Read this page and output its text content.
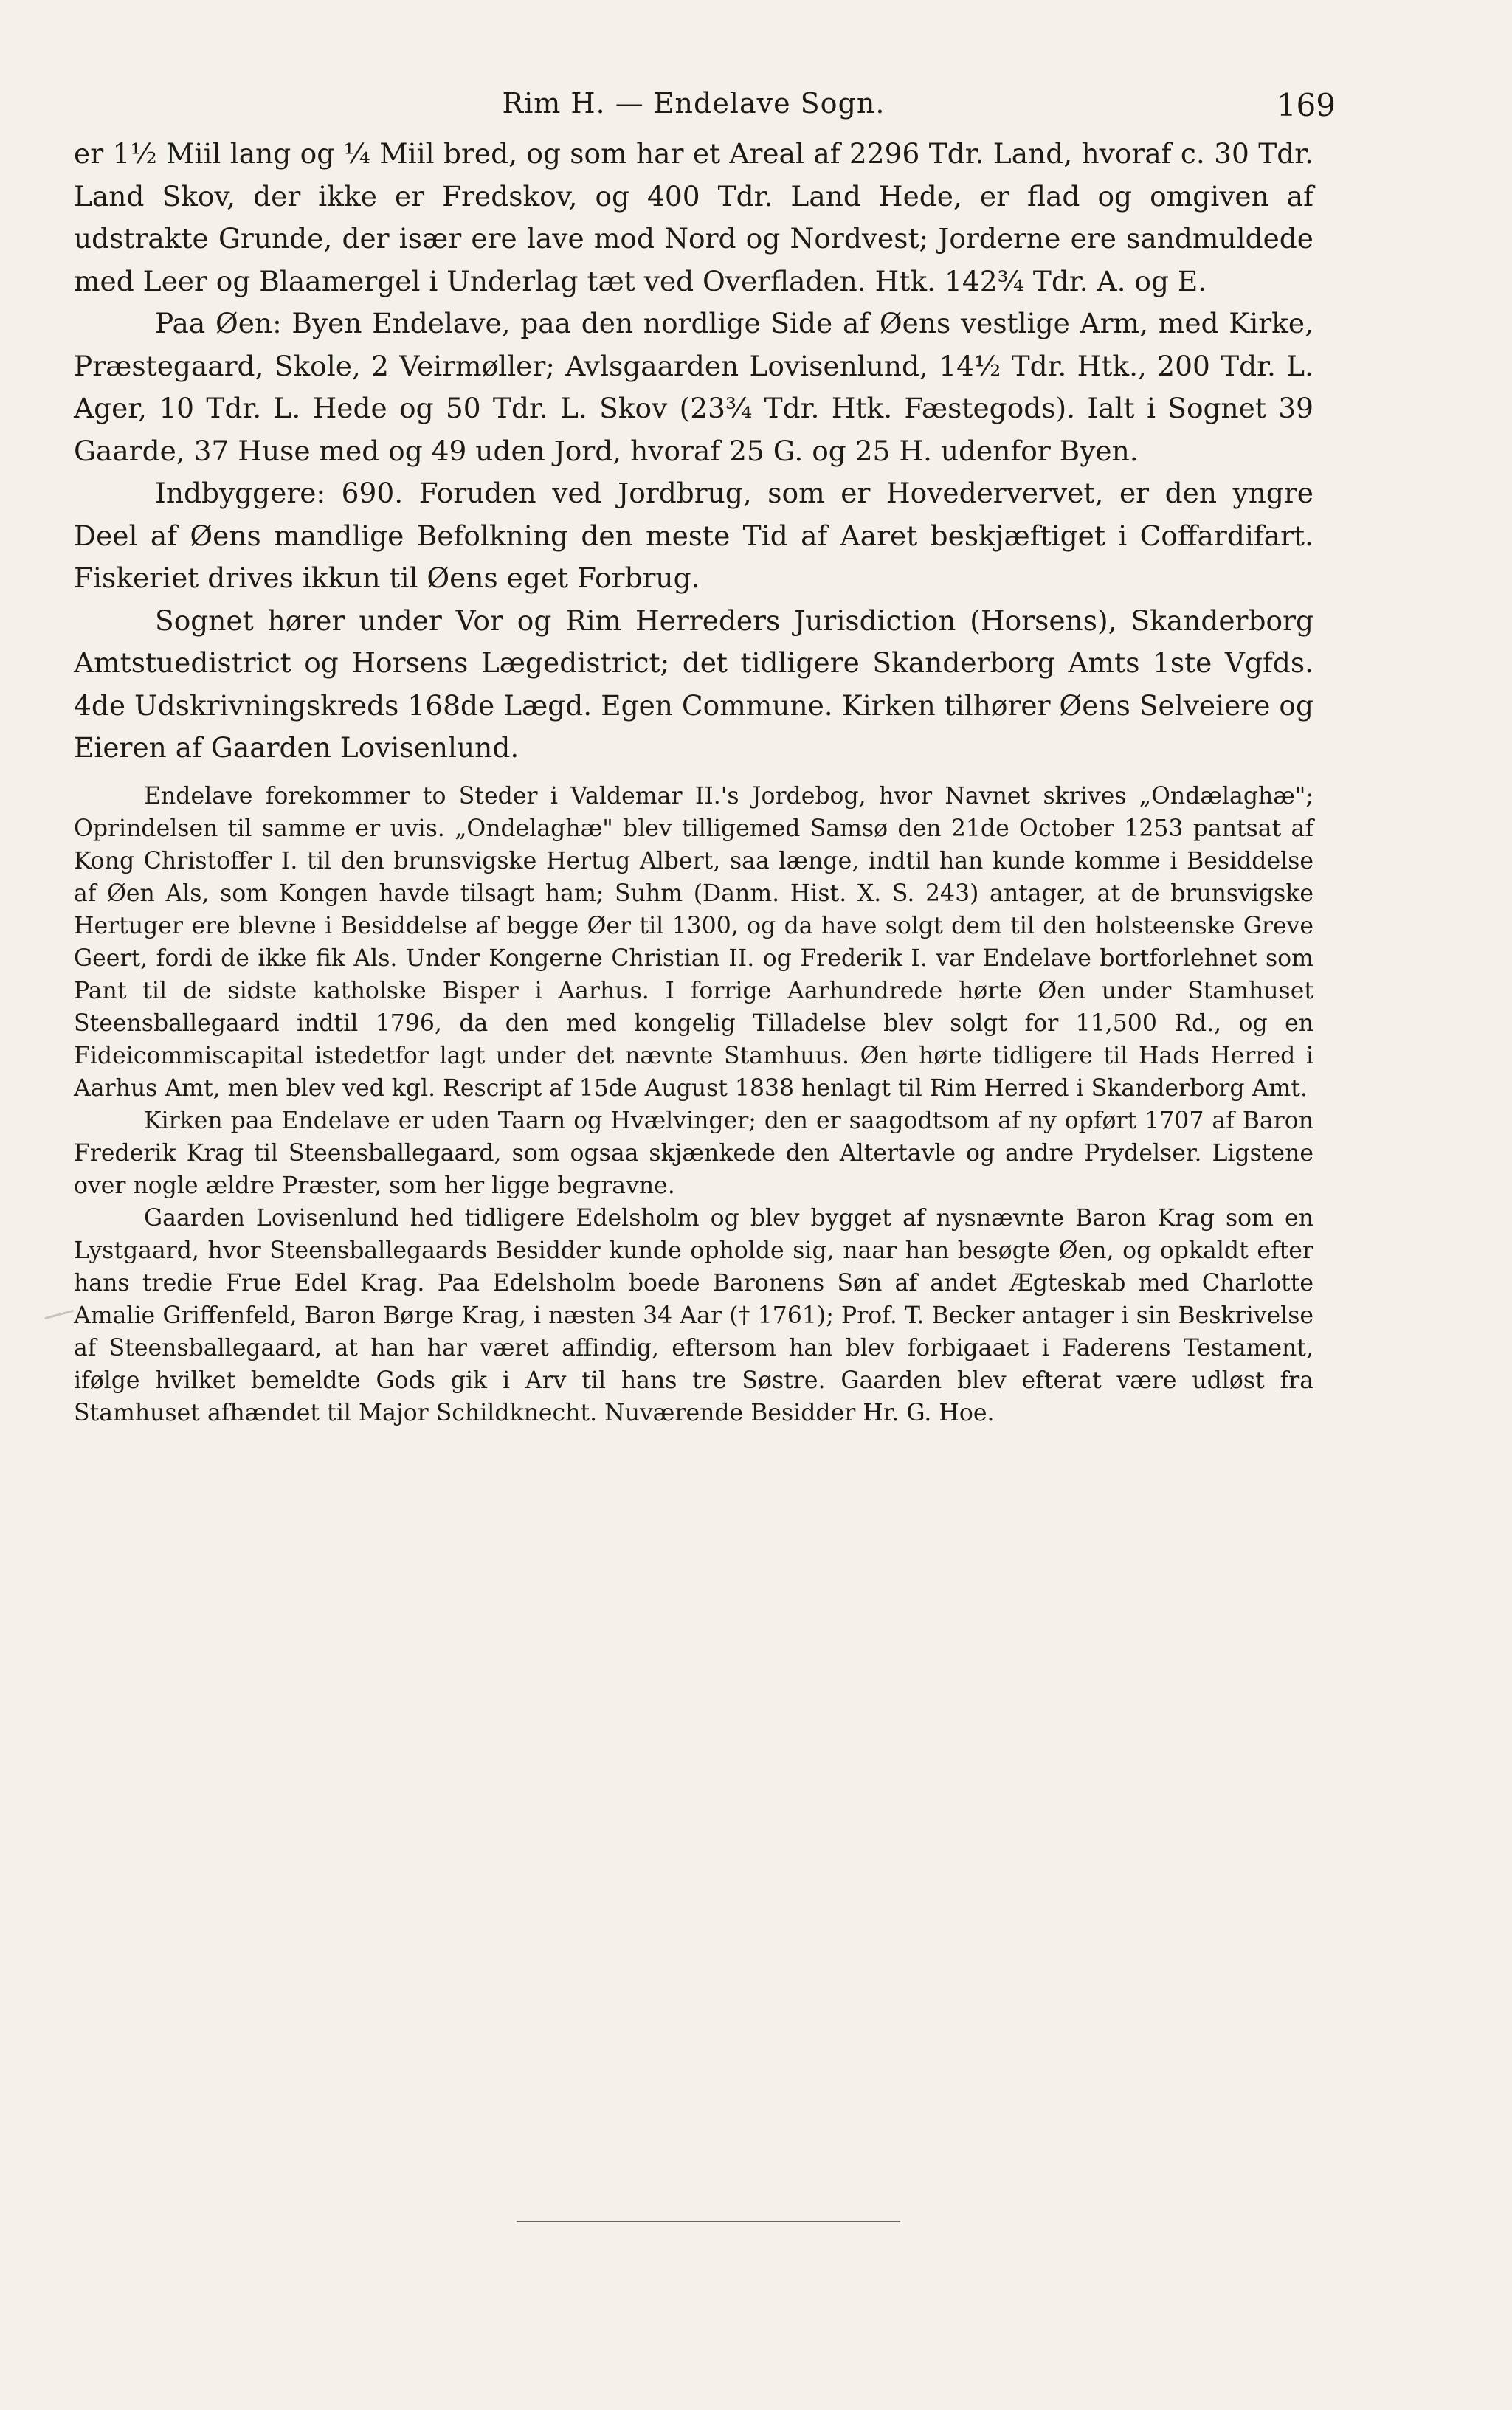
Rim H. — Endelave Sogn.	169

er 1½ Miil lang og ¼ Miil bred, og som har et Areal af 2296 Tdr. Land, hvoraf c. 30 Tdr. Land Skov, der ikke er Fredskov, og 400 Tdr. Land Hede, er flad og omgiven af udstrakte Grunde, der især ere lave mod Nord og Nordvest; Jorderne ere sandmuldede med Leer og Blaamergel i Underlag tæt ved Overfladen. Htk. 142¾ Tdr. A. og E.

Paa Øen: Byen Endelave, paa den nordlige Side af Øens vestlige Arm, med Kirke, Præstegaard, Skole, 2 Veirmøller; Avlsgaarden Lovisenlund, 14½ Tdr. Htk., 200 Tdr. L. Ager, 10 Tdr. L. Hede og 50 Tdr. L. Skov (23¾ Tdr. Htk. Fæstegods). Ialt i Sognet 39 Gaarde, 37 Huse med og 49 uden Jord, hvoraf 25 G. og 25 H. udenfor Byen.

Indbyggere: 690. Foruden ved Jordbrug, som er Hovedervervet, er den yngre Deel af Øens mandlige Befolkning den meste Tid af Aaret beskjæftiget i Coffardifart. Fiskeriet drives ikkun til Øens eget Forbrug.

Sognet hører under Vor og Rim Herreders Jurisdiction (Horsens), Skanderborg Amtstuedistrict og Horsens Lægedistrict; det tidligere Skanderborg Amts 1ste Vgfds. 4de Udskrivningskreds 168de Lægd. Egen Commune. Kirken tilhører Øens Selveiere og Eieren af Gaarden Lovisenlund.

Endelave forekommer to Steder i Valdemar II.'s Jordebog, hvor Navnet skrives „Ondælaghæ"; Oprindelsen til samme er uvis. „Ondelaghæ" blev tilligemed Samsø den 21de October 1253 pantsat af Kong Christoffer I. til den brunsvigske Hertug Albert, saa længe, indtil han kunde komme i Besiddelse af Øen Als, som Kongen havde tilsagt ham; Suhm (Danm. Hist. X. S. 243) antager, at de brunsvigske Hertuger ere blevne i Besiddelse af begge Øer til 1300, og da have solgt dem til den holsteenske Greve Geert, fordi de ikke fik Als. Under Kongerne Christian II. og Frederik I. var Endelave bortforlehnet som Pant til de sidste katholske Bisper i Aarhus. I forrige Aarhundrede hørte Øen under Stamhuset Steensballegaard indtil 1796, da den med kongelig Tilladelse blev solgt for 11,500 Rd., og en Fideicommiscapital istedetfor lagt under det nævnte Stamhuus. Øen hørte tidligere til Hads Herred i Aarhus Amt, men blev ved kgl. Rescript af 15de August 1838 henlagt til Rim Herred i Skanderborg Amt.

Kirken paa Endelave er uden Taarn og Hvælvinger; den er saagodtsom af ny opført 1707 af Baron Frederik Krag til Steensballegaard, som ogsaa skjænkede den Altertavle og andre Prydelser. Ligstene over nogle ældre Præster, som her ligge begravne.

Gaarden Lovisenlund hed tidligere Edelsholm og blev bygget af nysnævnte Baron Krag som en Lystgaard, hvor Steensballegaards Besidder kunde opholde sig, naar han besøgte Øen, og opkaldt efter hans tredie Frue Edel Krag. Paa Edelsholm boede Baronens Søn af andet Ægteskab med Charlotte Amalie Griffenfeld, Baron Børge Krag, i næsten 34 Aar († 1761); Prof. T. Becker antager i sin Beskrivelse af Steensballegaard, at han har været affindig, eftersom han blev forbigaaet i Faderens Testament, ifølge hvilket bemeldte Gods gik i Arv til hans tre Søstre. Gaarden blev efterat være udløst fra Stamhuset afhændet til Major Schildknecht. Nuværende Besidder Hr. G. Hoe.
